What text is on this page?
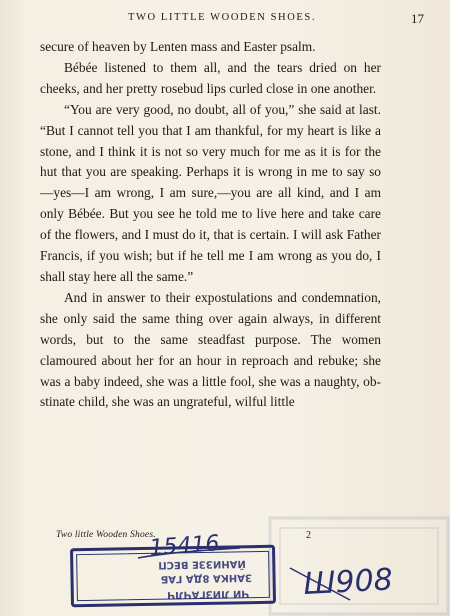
TWO LITTLE WOODEN SHOES.	17

secure of heaven by Lenten mass and Easter psalm.

Bébée listened to them all, and the tears dried on her cheeks, and her pretty rosebud lips curled close in one another.

“You are very good, no doubt, all of you,” she said at last. “But I cannot tell you that I am thankful, for my heart is like a stone, and I think it is not so very much for me as it is for the hut that you are speaking. Perhaps it is wrong in me to say so—yes—I am wrong, I am sure,—you are all kind, and I am only Bébée. But you see he told me to live here and take care of the flowers, and I must do it, that is certain. I will ask Father Francis, if you wish; but if he tell me I am wrong as you do, I shall stay here all the same.”

And in answer to their expostulations and condemnation, she only said the same thing over again always, in different words, but to the same steadfast purpose. The women clamoured about her for an hour in reproach and rebuke; she was a baby indeed, she was a little fool, she was a naughty, obstinate child, she was an ungrateful, wilful little

Two little Wooden Shoes.	2
15416
ЧИ ЛИЗГАЧЛЧ
ЗАНКА 8ДА ГАБ
ЙАНИЗЗЕ ВЕСП Ш908
